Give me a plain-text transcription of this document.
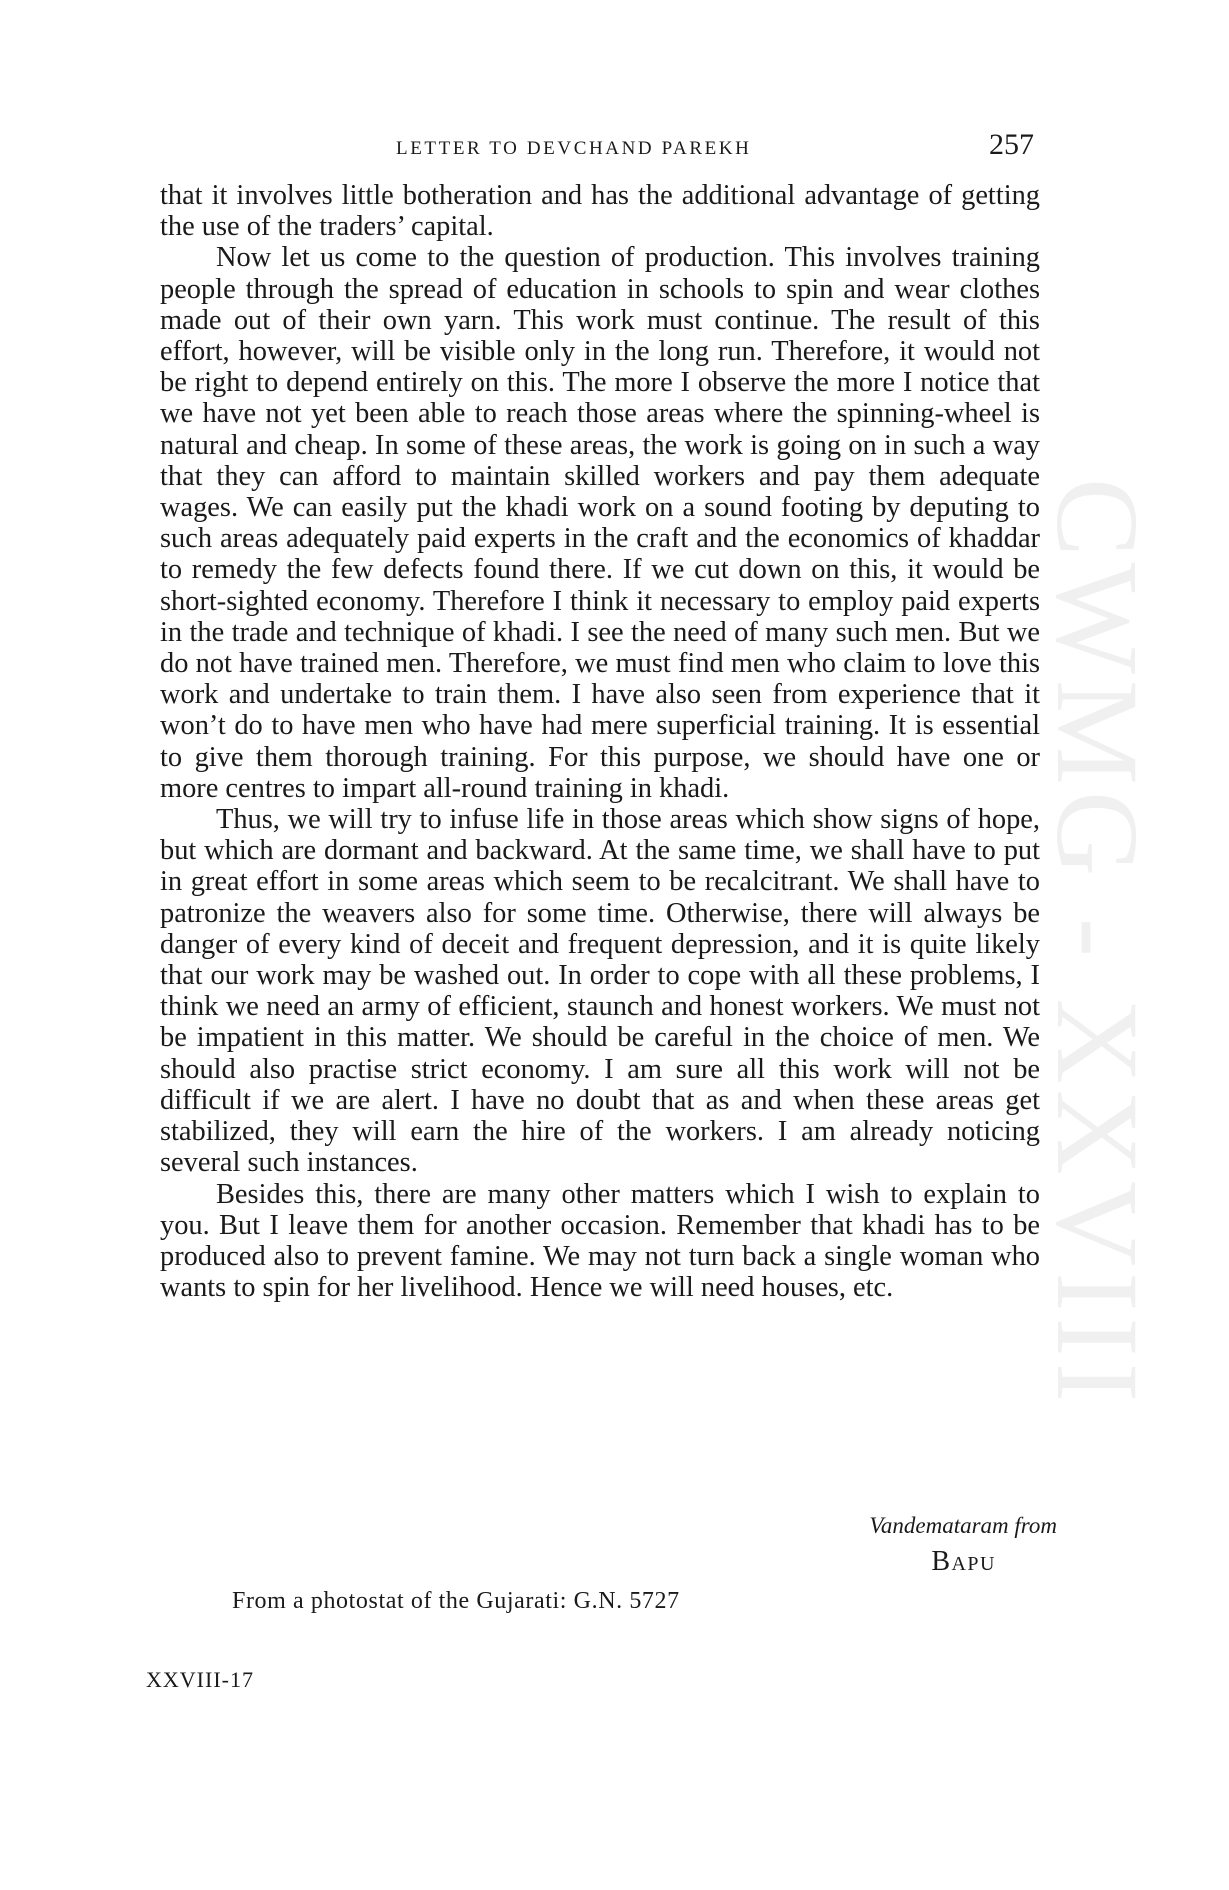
CWMG - XXVIII
LETTER TO DEVCHAND PAREKH	257

that it involves little botheration and has the additional advantage of getting the use of the traders’ capital.

Now let us come to the question of production. This involves training people through the spread of education in schools to spin and wear clothes made out of their own yarn. This work must continue. The result of this effort, however, will be visible only in the long run. Therefore, it would not be right to depend entirely on this. The more I observe the more I notice that we have not yet been able to reach those areas where the spinning-wheel is natural and cheap. In some of these areas, the work is going on in such a way that they can afford to maintain skilled workers and pay them adequate wages. We can easily put the khadi work on a sound footing by deputing to such areas adequately paid experts in the craft and the economics of khaddar to remedy the few defects found there. If we cut down on this, it would be short-sighted economy. Therefore I think it necessary to employ paid experts in the trade and technique of khadi. I see the need of many such men. But we do not have trained men. Therefore, we must find men who claim to love this work and undertake to train them. I have also seen from experience that it won’t do to have men who have had mere superficial training. It is essential to give them thorough training. For this purpose, we should have one or more centres to impart all-round training in khadi.

Thus, we will try to infuse life in those areas which show signs of hope, but which are dormant and backward. At the same time, we shall have to put in great effort in some areas which seem to be recalcitrant. We shall have to patronize the weavers also for some time. Otherwise, there will always be danger of every kind of deceit and frequent depression, and it is quite likely that our work may be washed out. In order to cope with all these problems, I think we need an army of efficient, staunch and honest workers. We must not be impatient in this matter. We should be careful in the choice of men. We should also practise strict economy. I am sure all this work will not be difficult if we are alert. I have no doubt that as and when these areas get stabilized, they will earn the hire of the workers. I am already noticing several such instances.

Besides this, there are many other matters which I wish to explain to you. But I leave them for another occasion. Remember that khadi has to be produced also to prevent famine. We may not turn back a single woman who wants to spin for her livelihood. Hence we will need houses, etc.

Vandemataram from
Bapu
From a photostat of the Gujarati: G.N. 5727
XXVIII-17
